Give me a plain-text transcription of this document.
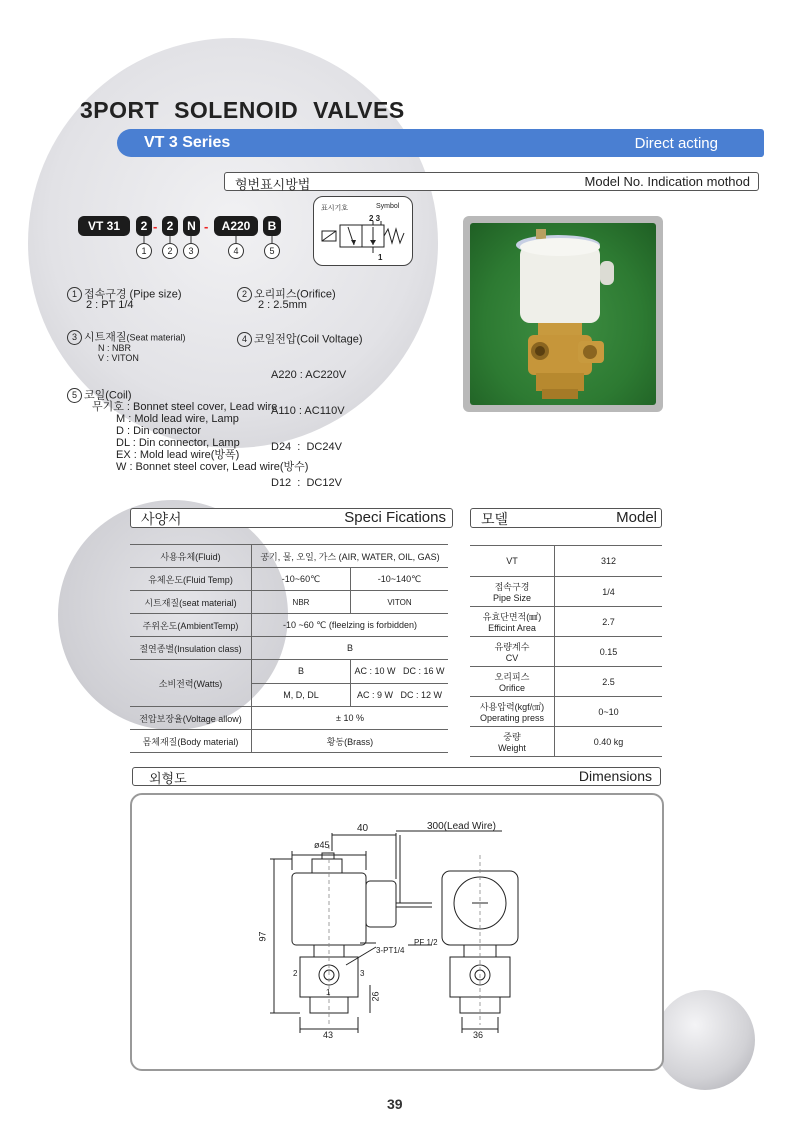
3PORT SOLENOID VALVES
VT 3 Series	Direct acting
형번표시방법	Model No. Indication mothod
VT 31	2 - 2	N -	A220	B
1	2	3	4	5
표시기호	Symbol
2 3
1
1 접속구경 (Pipe size)
2 : PT 1/4
2 오리피스(Orifice)
2 : 2.5mm
3 시트재질(Seat material)
N : NBR
V : VITON
4 코일전압(Coil Voltage)

A220 : AC220V

A110 : AC110V

D24  :  DC24V

D12  :  DC12V

5 코일(Coil)
무기호 : Bonnet steel cover, Lead wire
M : Mold lead wire, Lamp
D : Din connector
DL : Din connector, Lamp
EX : Mold lead wire(방폭)
W : Bonnet steel cover, Lead wire(방수)
사양서	Speci Fications
사용유체(Fluid)	공기, 물, 오일, 가스 (AIR, WATER, OIL, GAS)	
유체온도(Fluid Temp)	-10~60℃	-10~140℃
시트재질(seat material)	NBR	VITON
주위온도(AmbientTemp)	-10 ~60 ℃ (fleelzing is forbidden)	
절연종별(Insulation class)	B	
소비전력(Watts)	B	AC : 10 W DC : 16 W
	M, D, DL	AC : 9 W DC : 12 W
전압보장율(Voltage allow)	± 10 %	
몸체재질(Body material)	황동(Brass)	
모델	Model
VT	312

접속구경
Pipe Size	1/4

유효단면적(㎟)
Efficint Area	2.7

유량계수
CV	0.15

오리피스
Orifice	2.5

사용압력(kgf/㎠)
Operating press	0~10

중량
Weight	0.40 kg
외형도	Dimensions
40	300(Lead Wire)
ø45
97
PF 1/2
3-PT1/4
26
43	36
2	3
1
39
